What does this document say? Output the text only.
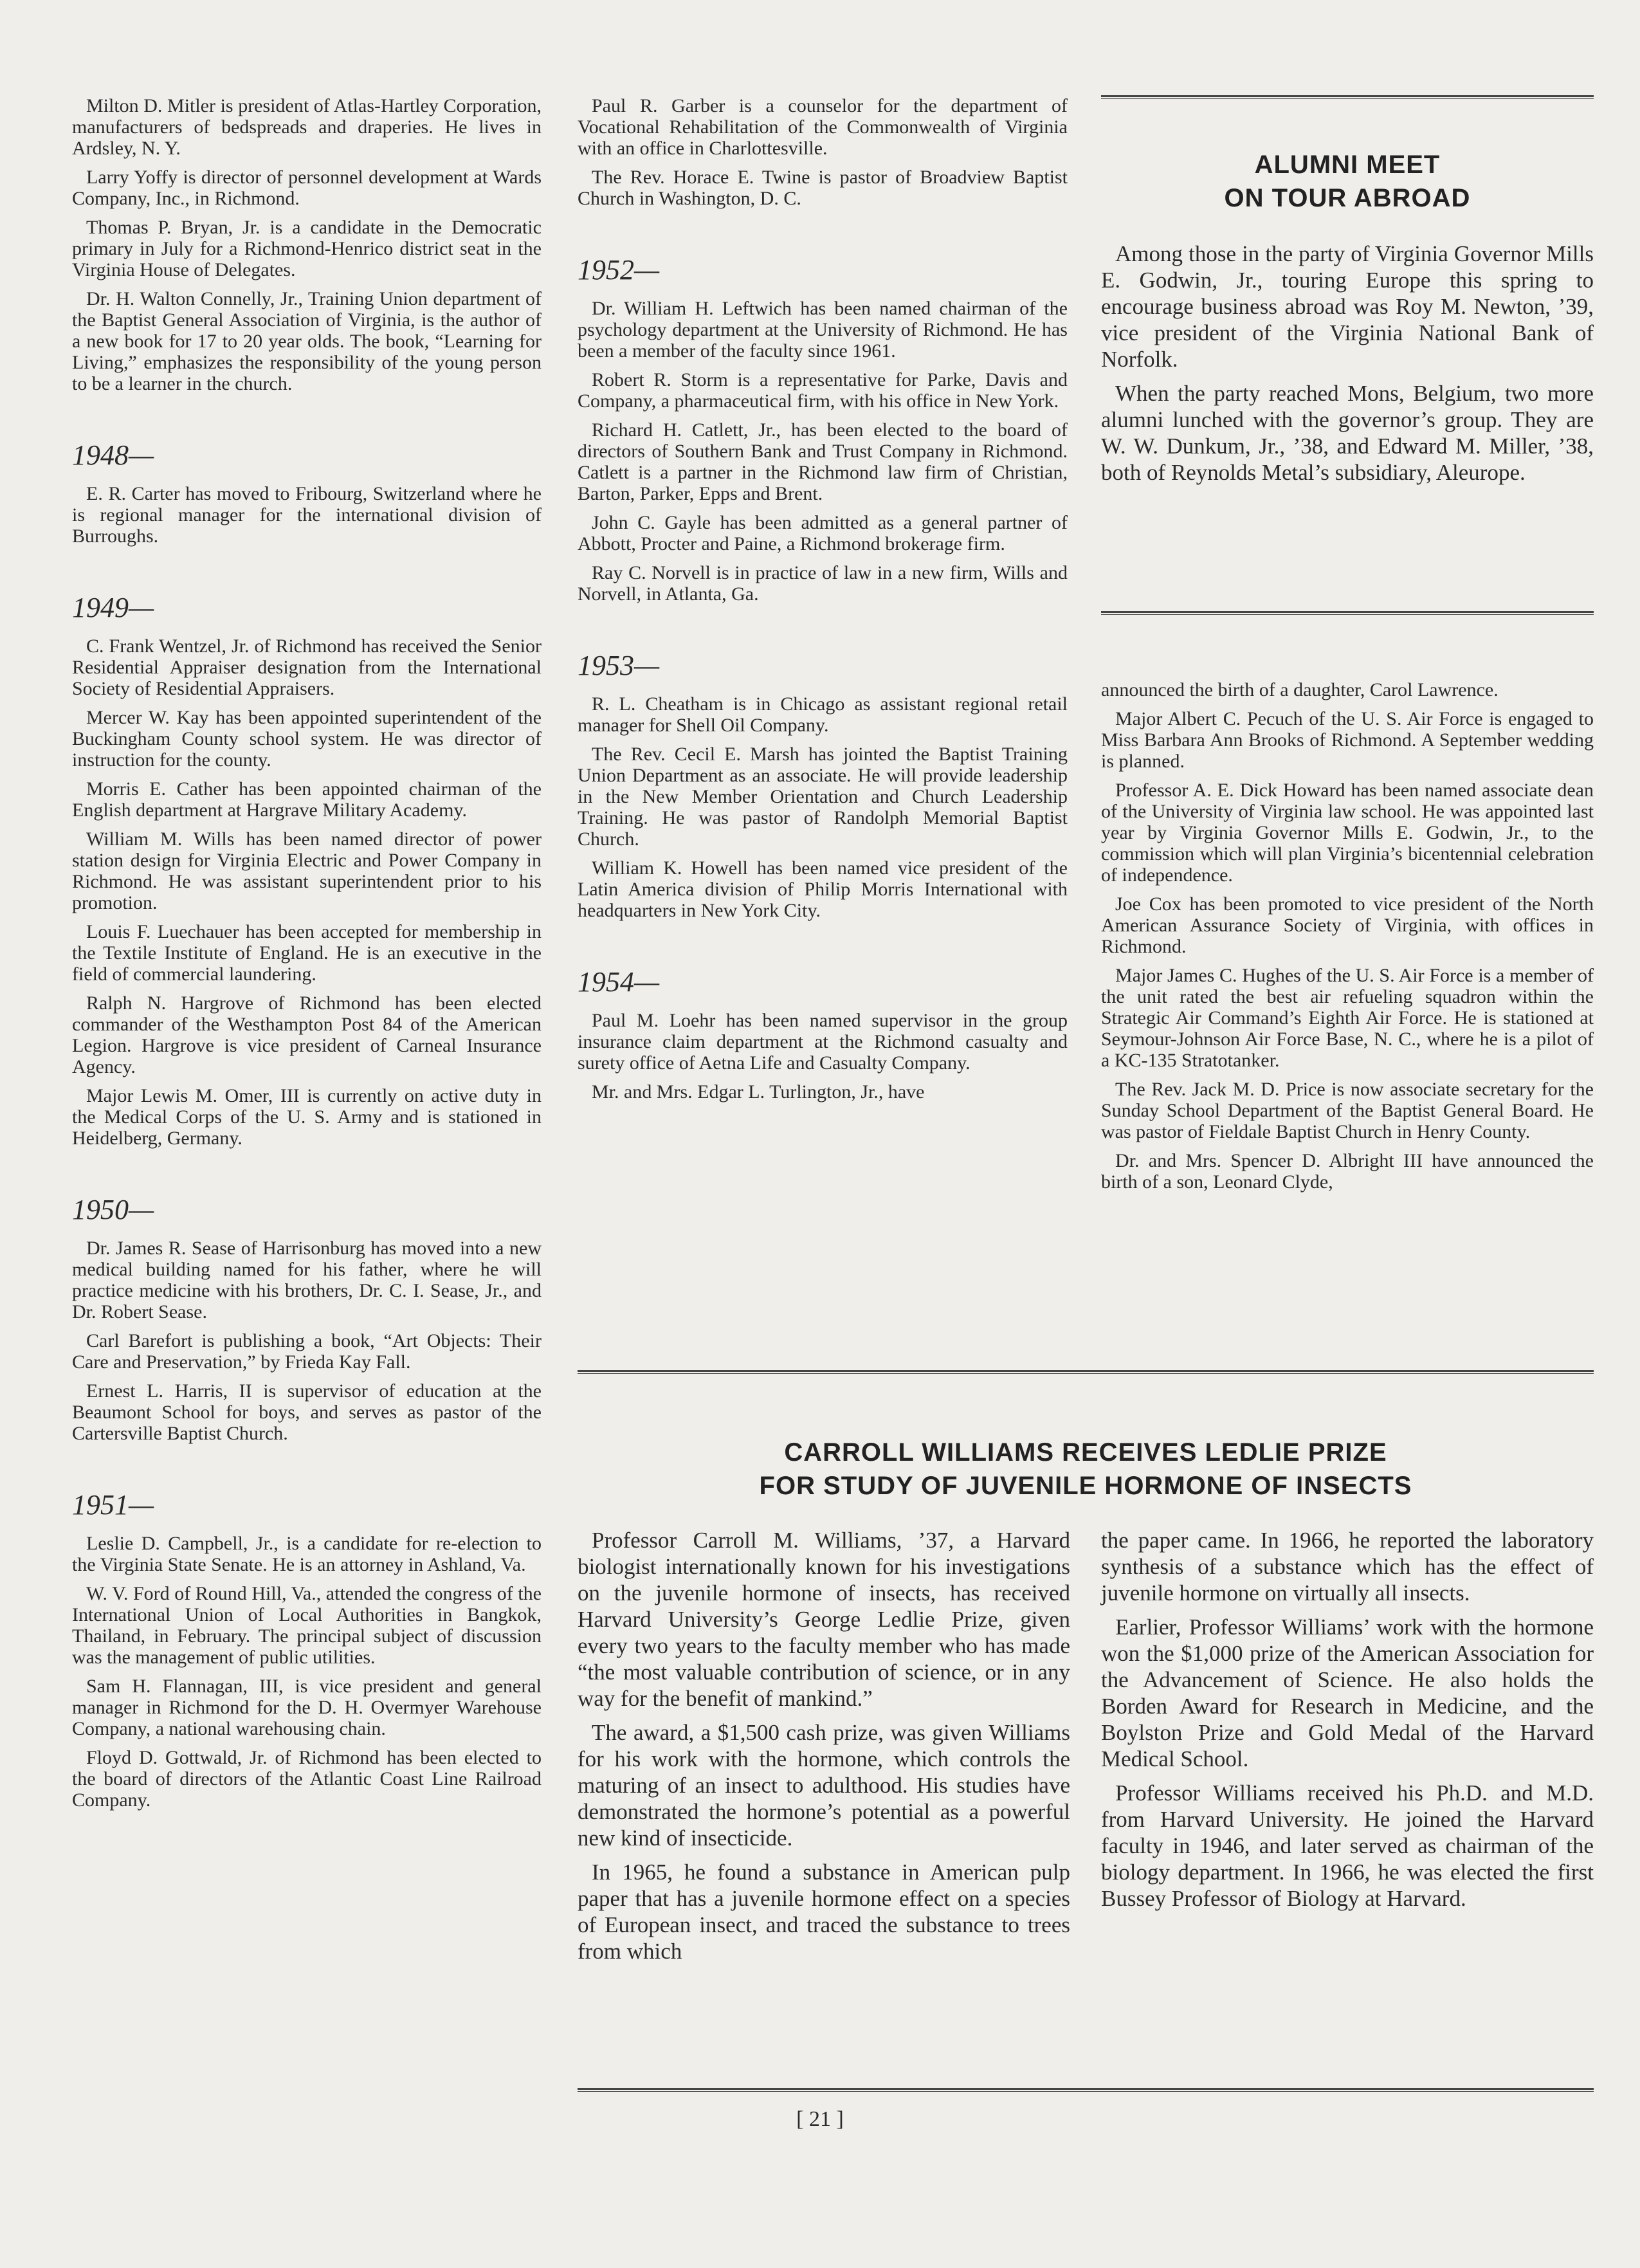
Milton D. Mitler is president of Atlas-Hartley Corporation, manufacturers of bedspreads and draperies. He lives in Ardsley, N. Y.

Larry Yoffy is director of personnel development at Wards Company, Inc., in Richmond.

Thomas P. Bryan, Jr. is a candidate in the Democratic primary in July for a Richmond-Henrico district seat in the Virginia House of Delegates.

Dr. H. Walton Connelly, Jr., Training Union department of the Baptist General Association of Virginia, is the author of a new book for 17 to 20 year olds. The book, “Learning for Living,” emphasizes the responsibility of the young person to be a learner in the church.

1948—

E. R. Carter has moved to Fribourg, Switzerland where he is regional manager for the international division of Burroughs.

1949—

C. Frank Wentzel, Jr. of Richmond has received the Senior Residential Appraiser designation from the International Society of Residential Appraisers.

Mercer W. Kay has been appointed superintendent of the Buckingham County school system. He was director of instruction for the county.

Morris E. Cather has been appointed chairman of the English department at Hargrave Military Academy.

William M. Wills has been named director of power station design for Virginia Electric and Power Company in Richmond. He was assistant superintendent prior to his promotion.

Louis F. Luechauer has been accepted for membership in the Textile Institute of England. He is an executive in the field of commercial laundering.

Ralph N. Hargrove of Richmond has been elected commander of the Westhampton Post 84 of the American Legion. Hargrove is vice president of Carneal Insurance Agency.

Major Lewis M. Omer, III is currently on active duty in the Medical Corps of the U. S. Army and is stationed in Heidelberg, Germany.

1950—

Dr. James R. Sease of Harrisonburg has moved into a new medical building named for his father, where he will practice medicine with his brothers, Dr. C. I. Sease, Jr., and Dr. Robert Sease.

Carl Barefort is publishing a book, “Art Objects: Their Care and Preservation,” by Frieda Kay Fall.

Ernest L. Harris, II is supervisor of education at the Beaumont School for boys, and serves as pastor of the Cartersville Baptist Church.

1951—

Leslie D. Campbell, Jr., is a candidate for re-election to the Virginia State Senate. He is an attorney in Ashland, Va.

W. V. Ford of Round Hill, Va., attended the congress of the International Union of Local Authorities in Bangkok, Thailand, in February. The principal subject of discussion was the management of public utilities.

Sam H. Flannagan, III, is vice president and general manager in Richmond for the D. H. Overmyer Warehouse Company, a national warehousing chain.

Floyd D. Gottwald, Jr. of Richmond has been elected to the board of directors of the Atlantic Coast Line Railroad Company.

Paul R. Garber is a counselor for the department of Vocational Rehabilitation of the Commonwealth of Virginia with an office in Charlottesville.

The Rev. Horace E. Twine is pastor of Broadview Baptist Church in Washington, D. C.

1952—

Dr. William H. Leftwich has been named chairman of the psychology department at the University of Richmond. He has been a member of the faculty since 1961.

Robert R. Storm is a representative for Parke, Davis and Company, a pharmaceutical firm, with his office in New York.

Richard H. Catlett, Jr., has been elected to the board of directors of Southern Bank and Trust Company in Richmond. Catlett is a partner in the Richmond law firm of Christian, Barton, Parker, Epps and Brent.

John C. Gayle has been admitted as a general partner of Abbott, Procter and Paine, a Richmond brokerage firm.

Ray C. Norvell is in practice of law in a new firm, Wills and Norvell, in Atlanta, Ga.

1953—

R. L. Cheatham is in Chicago as assistant regional retail manager for Shell Oil Company.

The Rev. Cecil E. Marsh has jointed the Baptist Training Union Department as an associate. He will provide leadership in the New Member Orientation and Church Leadership Training. He was pastor of Randolph Memorial Baptist Church.

William K. Howell has been named vice president of the Latin America division of Philip Morris International with headquarters in New York City.

1954—

Paul M. Loehr has been named supervisor in the group insurance claim department at the Richmond casualty and surety office of Aetna Life and Casualty Company.

Mr. and Mrs. Edgar L. Turlington, Jr., have

ALUMNI MEET
ON TOUR ABROAD

Among those in the party of Virginia Governor Mills E. Godwin, Jr., touring Europe this spring to encourage business abroad was Roy M. Newton, ’39, vice president of the Virginia National Bank of Norfolk.

When the party reached Mons, Belgium, two more alumni lunched with the governor’s group. They are W. W. Dunkum, Jr., ’38, and Edward M. Miller, ’38, both of Reynolds Metal’s subsidiary, Aleurope.

announced the birth of a daughter, Carol Lawrence.

Major Albert C. Pecuch of the U. S. Air Force is engaged to Miss Barbara Ann Brooks of Richmond. A September wedding is planned.

Professor A. E. Dick Howard has been named associate dean of the University of Virginia law school. He was appointed last year by Virginia Governor Mills E. Godwin, Jr., to the commission which will plan Virginia’s bicentennial celebration of independence.

Joe Cox has been promoted to vice president of the North American Assurance Society of Virginia, with offices in Richmond.

Major James C. Hughes of the U. S. Air Force is a member of the unit rated the best air refueling squadron within the Strategic Air Command’s Eighth Air Force. He is stationed at Seymour-Johnson Air Force Base, N. C., where he is a pilot of a KC-135 Stratotanker.

The Rev. Jack M. D. Price is now associate secretary for the Sunday School Department of the Baptist General Board. He was pastor of Fieldale Baptist Church in Henry County.

Dr. and Mrs. Spencer D. Albright III have announced the birth of a son, Leonard Clyde,

CARROLL WILLIAMS RECEIVES LEDLIE PRIZE
FOR STUDY OF JUVENILE HORMONE OF INSECTS

Professor Carroll M. Williams, ’37, a Harvard biologist internationally known for his investigations on the juvenile hormone of insects, has received Harvard University’s George Ledlie Prize, given every two years to the faculty member who has made “the most valuable contribution of science, or in any way for the benefit of mankind.”

The award, a $1,500 cash prize, was given Williams for his work with the hormone, which controls the maturing of an insect to adulthood. His studies have demonstrated the hormone’s potential as a powerful new kind of insecticide.

In 1965, he found a substance in American pulp paper that has a juvenile hormone effect on a species of European insect, and traced the substance to trees from which

the paper came. In 1966, he reported the laboratory synthesis of a substance which has the effect of juvenile hormone on virtually all insects.

Earlier, Professor Williams’ work with the hormone won the $1,000 prize of the American Association for the Advancement of Science. He also holds the Borden Award for Research in Medicine, and the Boylston Prize and Gold Medal of the Harvard Medical School.

Professor Williams received his Ph.D. and M.D. from Harvard University. He joined the Harvard faculty in 1946, and later served as chairman of the biology department. In 1966, he was elected the first Bussey Professor of Biology at Harvard.

[ 21 ]
